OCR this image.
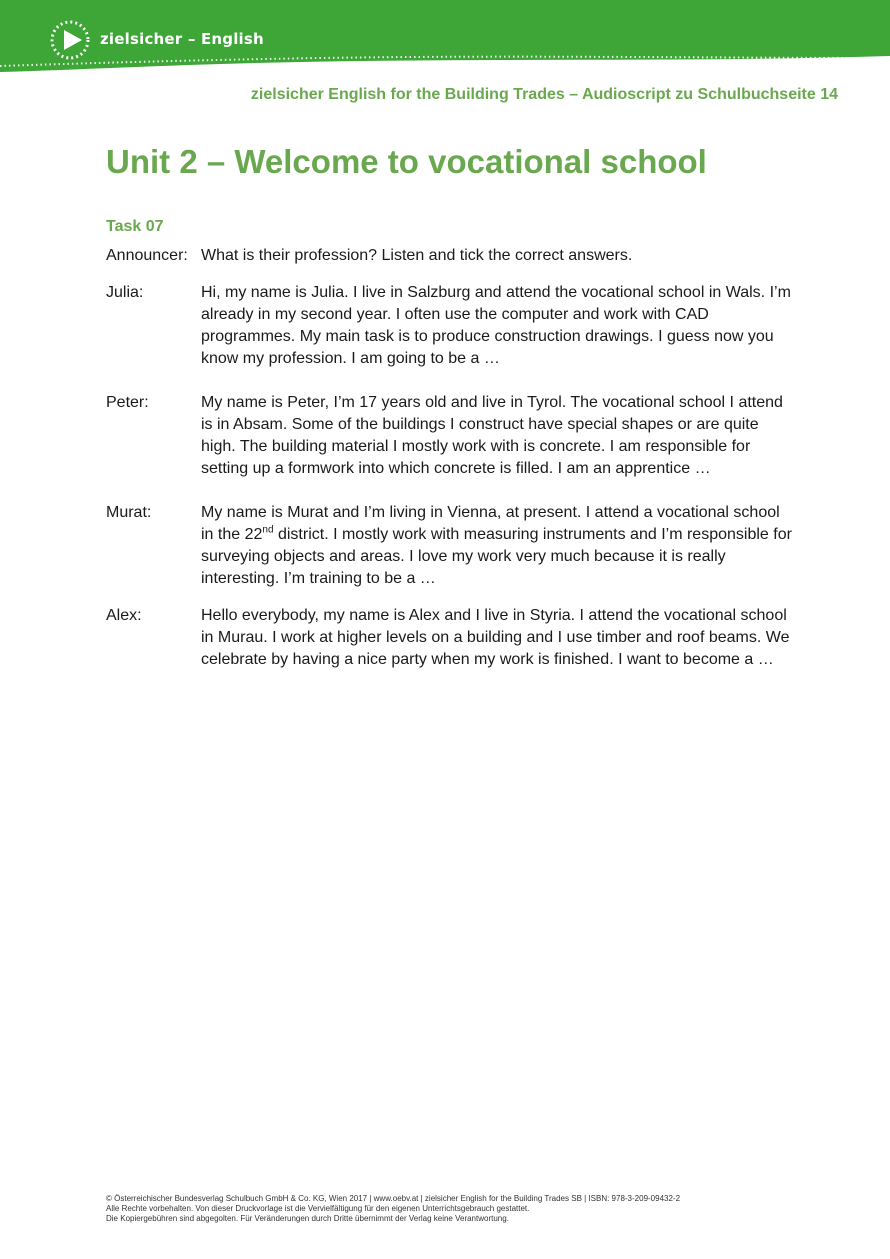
zielsicher – English
zielsicher English for the Building Trades – Audioscript zu Schulbuchseite 14
Unit 2 – Welcome to vocational school
Task 07
Announcer: What is their profession? Listen and tick the correct answers.
Julia:	Hi, my name is Julia. I live in Salzburg and attend the vocational school in Wals. I’m already in my second year. I often use the computer and work with CAD programmes. My main task is to produce construction drawings. I guess now you know my profession. I am going to be a …
Peter:	My name is Peter, I’m 17 years old and live in Tyrol. The vocational school I attend is in Absam. Some of the buildings I construct have special shapes or are quite high. The building material I mostly work with is concrete. I am responsible for setting up a formwork into which concrete is filled. I am an apprentice …
Murat:	My name is Murat and I’m living in Vienna, at present. I attend a vocational school in the 22nd district. I mostly work with measuring instruments and I’m responsible for surveying objects and areas. I love my work very much because it is really interesting. I’m training to be a …
Alex:	Hello everybody, my name is Alex and I live in Styria. I attend the vocational school in Murau. I work at higher levels on a building and I use timber and roof beams. We celebrate by having a nice party when my work is finished. I want to become a …
© Österreichischer Bundesverlag Schulbuch GmbH & Co. KG, Wien 2017 | www.oebv.at | zielsicher English for the Building Trades SB | ISBN: 978-3-209-09432-2
Alle Rechte vorbehalten. Von dieser Druckvorlage ist die Vervielfältigung für den eigenen Unterrichtsgebrauch gestattet.
Die Kopiergebühren sind abgegolten. Für Veränderungen durch Dritte übernimmt der Verlag keine Verantwortung.
